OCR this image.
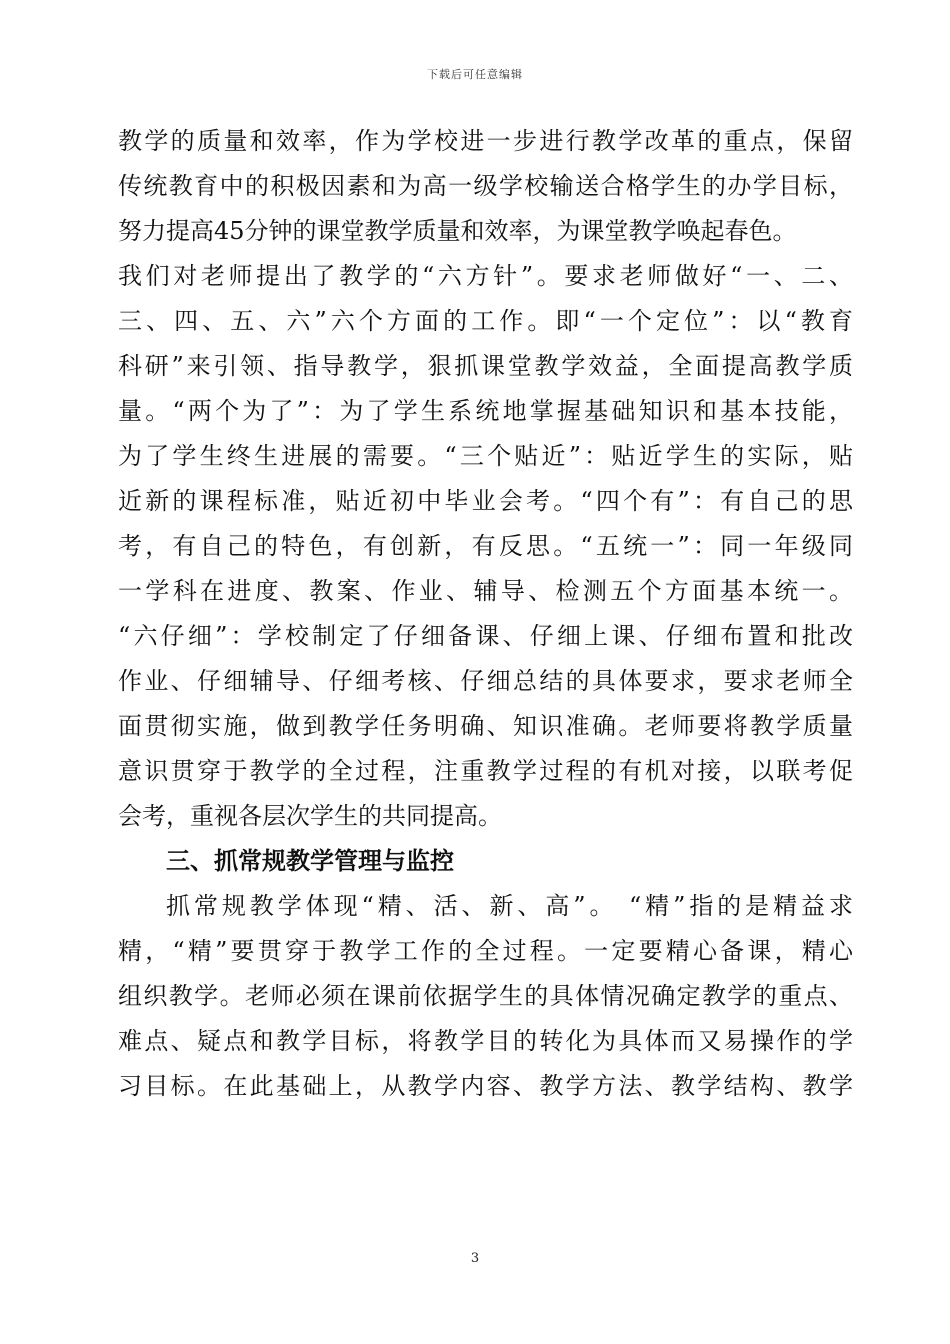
下载后可任意编辑
教学的质量和效率，作为学校进一步进行教学改革的重点，保留
传统教育中的积极因素和为高一级学校输送合格学生的办学目标，
努力提高45分钟的课堂教学质量和效率，为课堂教学唤起春色。
我们对老师提出了教学的“六方针”。要求老师做好“一、二、
三、四、五、六”六个方面的工作。即“一个定位”：以“教育
科研”来引领、指导教学，狠抓课堂教学效益，全面提高教学质
量。“两个为了”：为了学生系统地掌握基础知识和基本技能，
为了学生终生进展的需要。“三个贴近”：贴近学生的实际，贴
近新的课程标准，贴近初中毕业会考。“四个有”：有自己的思
考，有自己的特色，有创新，有反思。“五统一”：同一年级同
一学科在进度、教案、作业、辅导、检测五个方面基本统一。
“六仔细”：学校制定了仔细备课、仔细上课、仔细布置和批改
作业、仔细辅导、仔细考核、仔细总结的具体要求，要求老师全
面贯彻实施，做到教学任务明确、知识准确。老师要将教学质量
意识贯穿于教学的全过程，注重教学过程的有机对接，以联考促
会考，重视各层次学生的共同提高。
三、抓常规教学管理与监控
抓常规教学体现“精、活、新、高”。 “精”指的是精益求
精，“精”要贯穿于教学工作的全过程。一定要精心备课，精心
组织教学。老师必须在课前依据学生的具体情况确定教学的重点、
难点、疑点和教学目标，将教学目的转化为具体而又易操作的学
习目标。在此基础上，从教学内容、教学方法、教学结构、教学
3
